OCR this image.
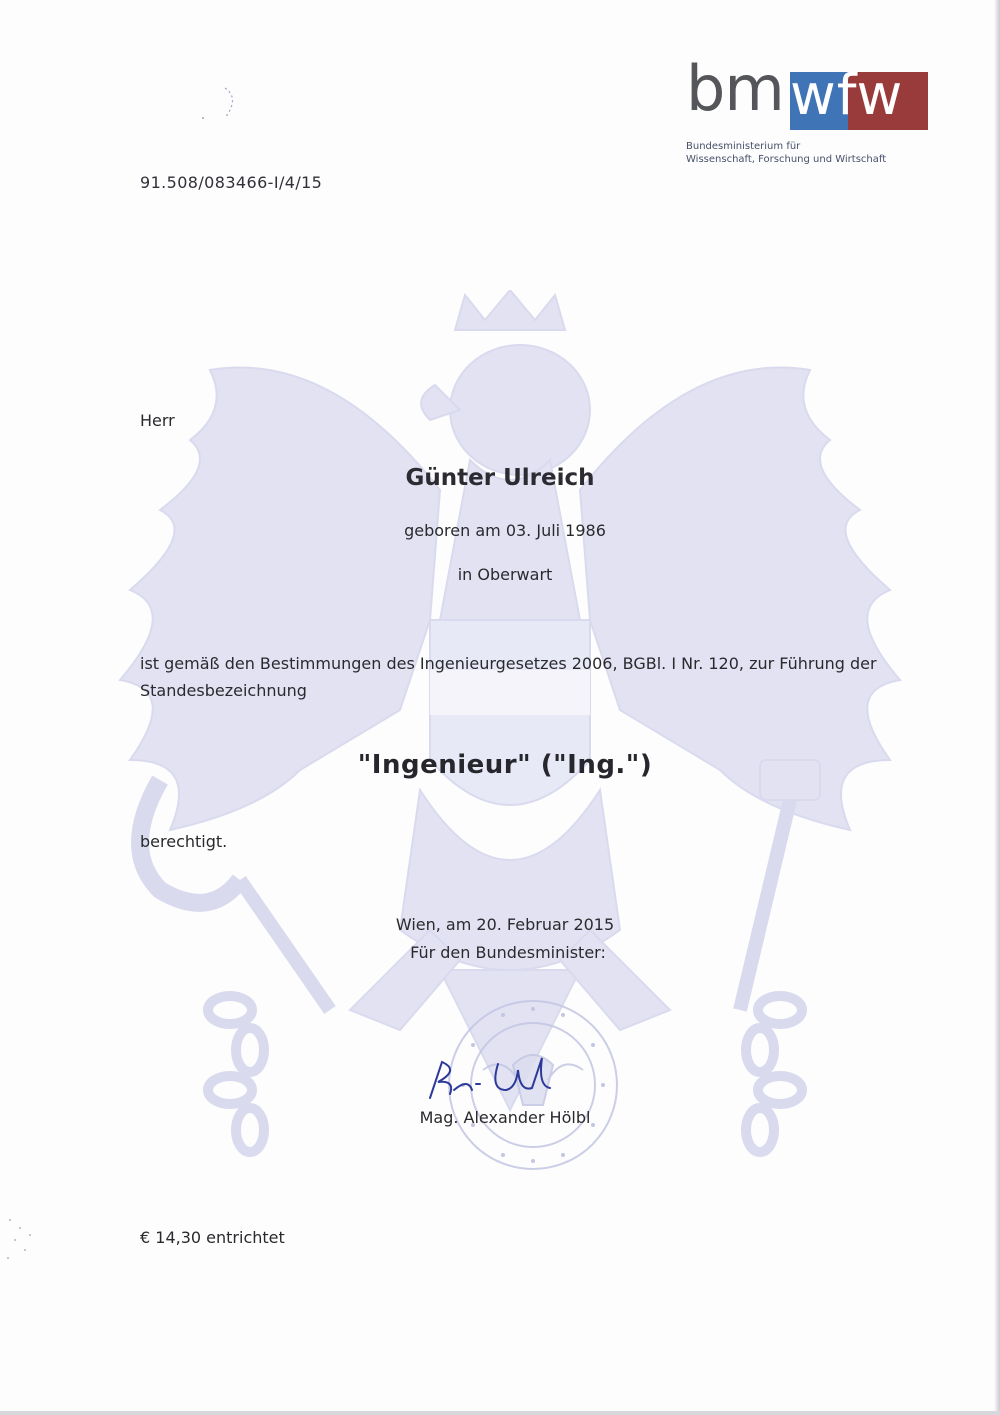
bm wfw
Bundesministerium für
Wissenschaft, Forschung und Wirtschaft
91.508/083466-I/4/15
Herr
Günter Ulreich
geboren am 03. Juli 1986
in Oberwart
ist gemäß den Bestimmungen des Ingenieurgesetzes 2006, BGBl. I Nr. 120, zur Führung der Standesbezeichnung
"Ingenieur" ("Ing.")
berechtigt.
Wien, am 20. Februar 2015
Für den Bundesminister:
Mag. Alexander Hölbl
€ 14,30 entrichtet
